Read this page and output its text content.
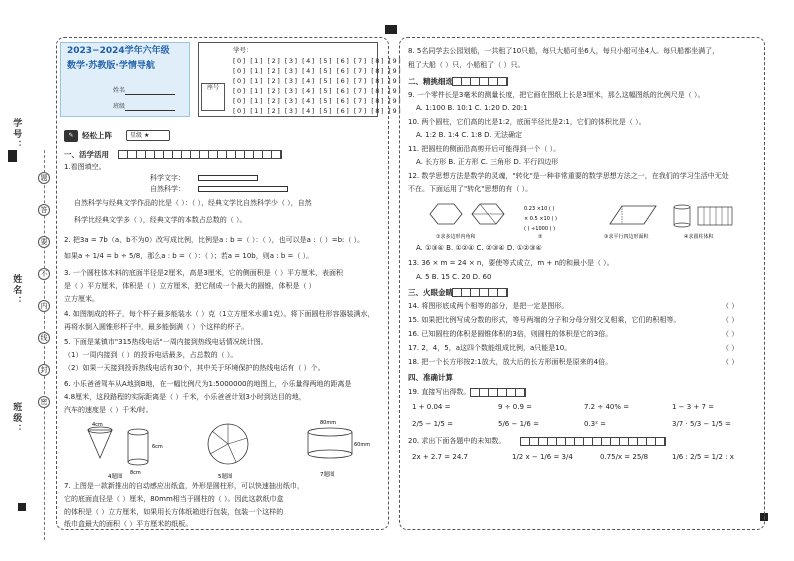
学号：
姓名：
班级：
题
答
要
不
内
线
封
密
2023−2024学年六年级
数学·苏教版·学情导航
姓名
班级
座号
学号：
[0] [1] [2] [3] [4] [5] [6] [7] [8] [9]
[0] [1] [2] [3] [4] [5] [6] [7] [8] [9]
[0] [1] [2] [3] [4] [5] [6] [7] [8] [9]
[0] [1] [2] [3] [4] [5] [6] [7] [8] [9]
[0] [1] [2] [3] [4] [5] [6] [7] [8] [9]
[0] [1] [2] [3] [4] [5] [6] [7] [8] [9]
✎	轻松上阵	星级 ★
一、活学活用
1.看图填空。
科学文字：
自然科学：
自然科学与经典文学作品的比是（ ）：（ ），经典文学比自然科学少（ ），自然
科学比经典文学多（ ），经典文学的本数占总数的（ ）。
2. 把3a = 7b（a、b不为0）改写成比例，比例是a : b =（ ）：（ ），也可以是a :（ ）=b:（ ）。
如果a ÷ 1/4 = b ÷ 5/8，那么a : b =（ ）：（ ）；若a = 10b，则a : b =（ ）。
3. 一个圆柱体木料的底面半径是2厘米，高是3厘米，它的侧面积是（ ）平方厘米，表面积
是（ ）平方厘米，体积是（ ）立方厘米，把它削成一个最大的圆锥，体积是（ ）
立方厘米。
4. 如图制成的杯子，每个杯子最多能装水（ ）克（1立方厘米水重1克）。将下面圆柱形容器装满水，
再将水倒入圆锥形杯子中，最多能倒满（ ）个这样的杯子。
5. 下面是某镇市"315热线电话"一周内接到热线电话情况统计图。
（1）一周内接到（ ）的投诉电话最多，占总数的（ ）。
（2）如果一天接到投诉热线电话有30个，其中关于环境保护的热线电话有（ ）个。
6. 小乐爸爸驾车从A地到B地，在一幅比例尺为1:5000000的地图上，小乐量得两地的距离是
4.8厘米，这段路程的实际距离是（ ）千米，小乐爸爸计划3小时到达目的地，
汽车的速度是（ ）千米/时。
4cm
6cm
8cm
4题图	5题图
80mm
60mm
7题图
7. 上图是一款新推出的自动感应出纸盒，外形是圆柱形，可以快速抽出纸巾，
它的底面直径是（ ）厘米，80mm相当于圆柱的（ ）。因此这款纸巾盒
的体积是（ ）立方厘米，如果用长方体纸箱进行包装，包装一个这样的
纸巾盒最大的面积（ ）平方厘米的纸板。
8. 5名同学去公园划船，一共租了10只船，每只大船可坐6人，每只小船可坐4人。每只船都坐满了，
租了大船（ ）只，小船租了（ ）只。
二、精挑细选
9. 一个零件长是3毫米的测量长度，把它画在图纸上长是3厘米，那么这幅图纸的比例尺是（ ）。
A. 1:100 B. 10:1 C. 1:20 D. 20:1
10. 两个圆柱，它们高的比是1:2，底面半径比是2:1，它们的体积比是（ ）。
A. 1:2 B. 1:4 C. 1:8 D. 无法确定
11. 把圆柱的侧面沿高剪开后可能得到一个（ ）。
A. 长方形 B. 正方形 C. 三角形 D. 平行四边形
12. 数学思想方法是数学的灵魂，"转化"是一种非常重要的数学思想方法之一，在我们的学习生活中无处
不在。下面运用了"转化"思想的有（ ）。
0.23 ×10 ( )
× 0.5 ×10 ( )
( ) ÷1000 ( )
①求多边形内角和	②	③求平行四边形面积	④求圆柱体积
A. ①③④ B. ①②④ C. ②③④ D. ①②③④
13. 36 × m = 24 × n，要使等式成立，m + n的和最小是（ ）。
A. 5 B. 15 C. 20 D. 60
三、火眼金睛
14. 将图形底成两个相等的部分，是把一定是图形。	（ ）
15. 如果把比例写成分数的形式，等号两端的分子和分母分别交叉相乘，它们的积相等。	（ ）
16. 已知圆柱的体积是圆锥体积的3倍，则圆柱的体积是它的3倍。	（ ）
17. 2，4，5，a这四个数能组成比例，a只能是10。	（ ）
18. 把一个长方形按2:1放大，放大后的长方形面积是原来的4倍。	（ ）
四、准确计算
19. 直接写出得数。
1 + 0.04 =	9 ÷ 0.9 =	7.2 ÷ 40% =	1 − 3 + 7 =
2/5 − 1/5 =	5/6 − 1/6 =	0.3² =	3/7 · 5/3 − 1/5 =
20. 求出下面各题中的未知数。
2x + 2.7 = 24.7	1/2 x − 1/6 = 3/4	0.75/x = 25/8	1/6 : 2/5 = 1/2 : x
